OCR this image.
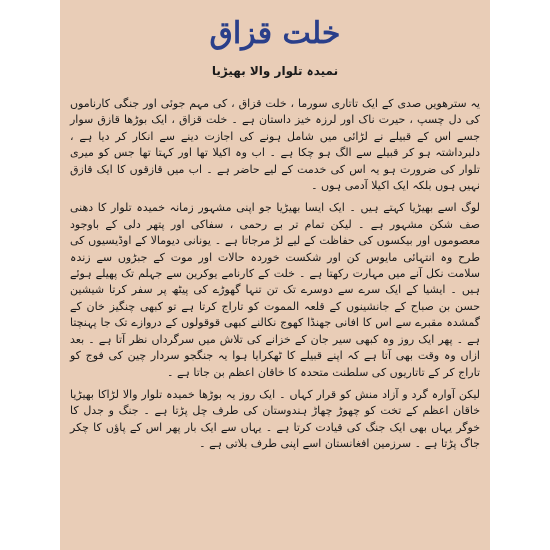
خلت قزاق
نمیدہ تلوار والا بھیڑیا

یہ سترھویں صدی کے ایک تاتاری سورما ، خلت قزاق ، کی مہم جوئی اور جنگی کارناموں کی دل چسپ ، حیرت ناک اور لرزہ خیز داستان ہے ۔ خلت قزاق ، ایک بوڑھا قازق سوار جسے اس کے قبیلے نے لڑائی میں شامل ہونے کی اجازت دینے سے انکار کر دیا ہے ، دلبرداشتہ ہو کر قبیلے سے الگ ہو چکا ہے ۔ اب وہ اکیلا تھا اور کہتا تھا جس کو میری تلوار کی ضرورت ہو یہ اس کی خدمت کے لیے حاضر ہے ۔ اب میں قازقوں کا ایک قازق نہیں ہوں بلکہ ایک اکیلا آدمی ہوں ۔

لوگ اسے بھیڑیا کہتے ہیں ۔ ایک ایسا بھیڑیا جو اپنی مشہور زمانہ خمیدہ تلوار کا دھنی صف شکن مشہور ہے ۔ لیکن تمام تر بے رحمی ، سفاکی اور پتھر دلی کے باوجود معصوموں اور بیکسوں کی حفاظت کے لیے لڑ مرجاتا ہے ۔ یونانی دیومالا کے اوڈیسیوں کی طرح وہ انتہائی مایوس کن اور شکست خوردہ حالات اور موت کے جبڑوں سے زندہ سلامت نکل آنے میں مہارت رکھتا ہے ۔ خلت کے کارنامے یوکرین سے جہلم تک پھیلے ہوئے ہیں ۔ ایشیا کے ایک سرے سے دوسرے تک تن تنہا گھوڑے کی پیٹھ پر سفر کرتا شیشین حسن بن صباح کے جانشینوں کے قلعہ المموت کو تاراج کرتا ہے تو کبھی چنگیز خان کے گمشدہ مقبرے سے اس کا افانی جھنڈا کھوج نکالنے کبھی قوقولوں کے دروازے تک جا پہنچتا ہے ۔ پھر ایک روز وہ کبھی سیر جان کے خزانے کی تلاش میں سرگرداں نظر آتا ہے ۔ بعد ازاں وہ وقت بھی آتا ہے کہ اپنے قبیلے کا ٹھکرایا ہوا یہ جنگجو سردار چین کی فوج کو تاراج کر کے تاتاریوں کی سلطنت متحدہ کا خاقان اعظم بن جاتا ہے ۔

لیکن آوارہ گرد و آزاد منش کو قرار کہاں ۔ ایک روز یہ بوڑھا خمیدہ تلوار والا لڑاکا بھیڑیا خاقان اعظم کے تخت کو چھوڑ چھاڑ ہندوستان کی طرف چل پڑتا ہے ۔ جنگ و جدل کا خوگر یہاں بھی ایک جنگ کی قیادت کرتا ہے ۔ یہاں سے ایک بار پھر اس کے پاؤں کا چکر جاگ پڑتا ہے ۔ سرزمین افغانستان اسے اپنی طرف بلاتی ہے ۔
